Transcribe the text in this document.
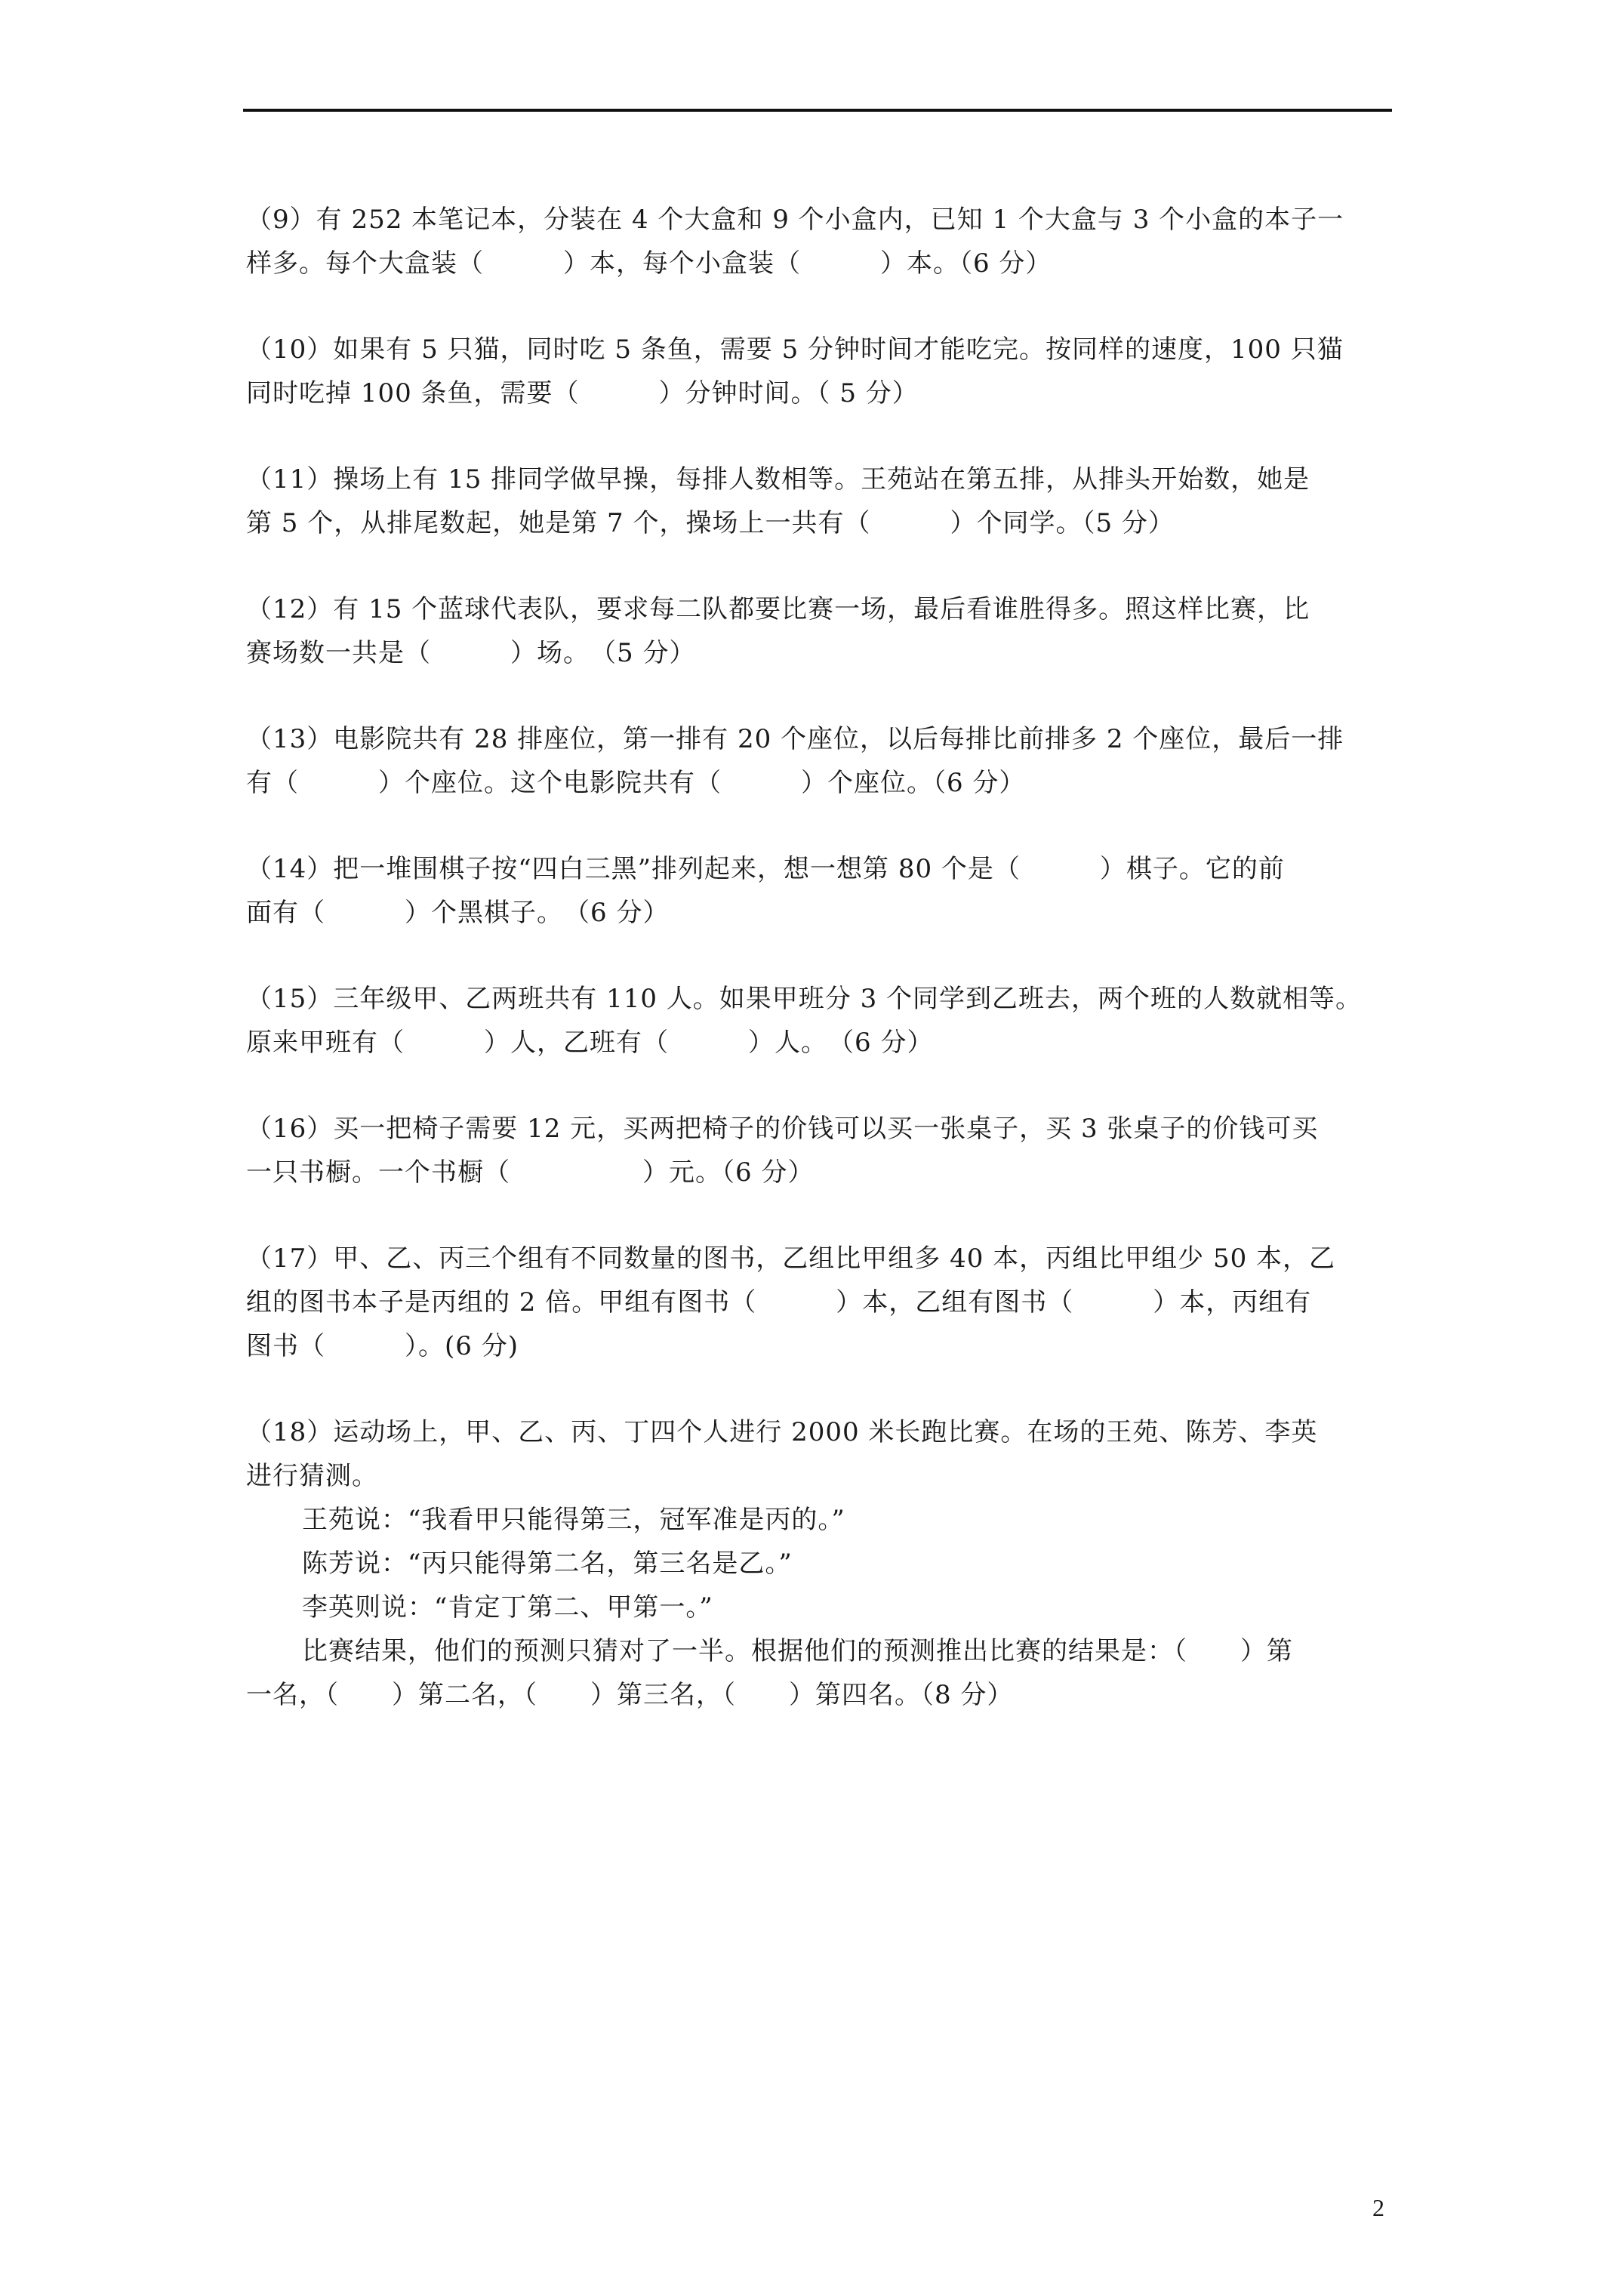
（9）有 252 本笔记本，分装在 4 个大盒和 9 个小盒内，已知 1 个大盒与 3 个小盒的本子一
样多。每个大盒装（　　　）本，每个小盒装（　　　）本。（6 分）
（10）如果有 5 只猫，同时吃 5 条鱼，需要 5 分钟时间才能吃完。按同样的速度，100 只猫
同时吃掉 100 条鱼，需要（　　　）分钟时间。（ 5 分）
（11）操场上有 15 排同学做早操，每排人数相等。王苑站在第五排，从排头开始数，她是
第 5 个，从排尾数起，她是第 7 个，操场上一共有（　　　）个同学。（5 分）
（12）有 15 个蓝球代表队，要求每二队都要比赛一场，最后看谁胜得多。照这样比赛，比
赛场数一共是（　　　）场。　（5 分）
（13）电影院共有 28 排座位，第一排有 20 个座位，以后每排比前排多 2 个座位，最后一排
有（　　　）个座位。这个电影院共有（　　　）个座位。（6 分）
（14）把一堆围棋子按“四白三黑”排列起来，想一想第 80 个是（　　　）棋子。它的前
面有（　　　）个黑棋子。　（6 分）
（15）三年级甲、乙两班共有 110 人。如果甲班分 3 个同学到乙班去，两个班的人数就相等。
原来甲班有（　　　）人，乙班有（　　　）人。　（6 分）
（16）买一把椅子需要 12 元，买两把椅子的价钱可以买一张桌子，买 3 张桌子的价钱可买
一只书橱。一个书橱（　　　　　）元。（6 分）
（17）甲、乙、丙三个组有不同数量的图书，乙组比甲组多 40 本，丙组比甲组少 50 本，乙
组的图书本子是丙组的 2 倍。甲组有图书（　　　）本，乙组有图书（　　　）本，丙组有
图书（　　　）。(6 分)
（18）运动场上，甲、乙、丙、丁四个人进行 2000 米长跑比赛。在场的王苑、陈芳、李英
进行猜测。
王苑说：“我看甲只能得第三，冠军准是丙的。”
陈芳说：“丙只能得第二名，第三名是乙。”
李英则说：“肯定丁第二、甲第一。”
比赛结果，他们的预测只猜对了一半。根据他们的预测推出比赛的结果是：（　　）第
一名，（　　）第二名，（　　）第三名，（　　）第四名。（8 分）
2
